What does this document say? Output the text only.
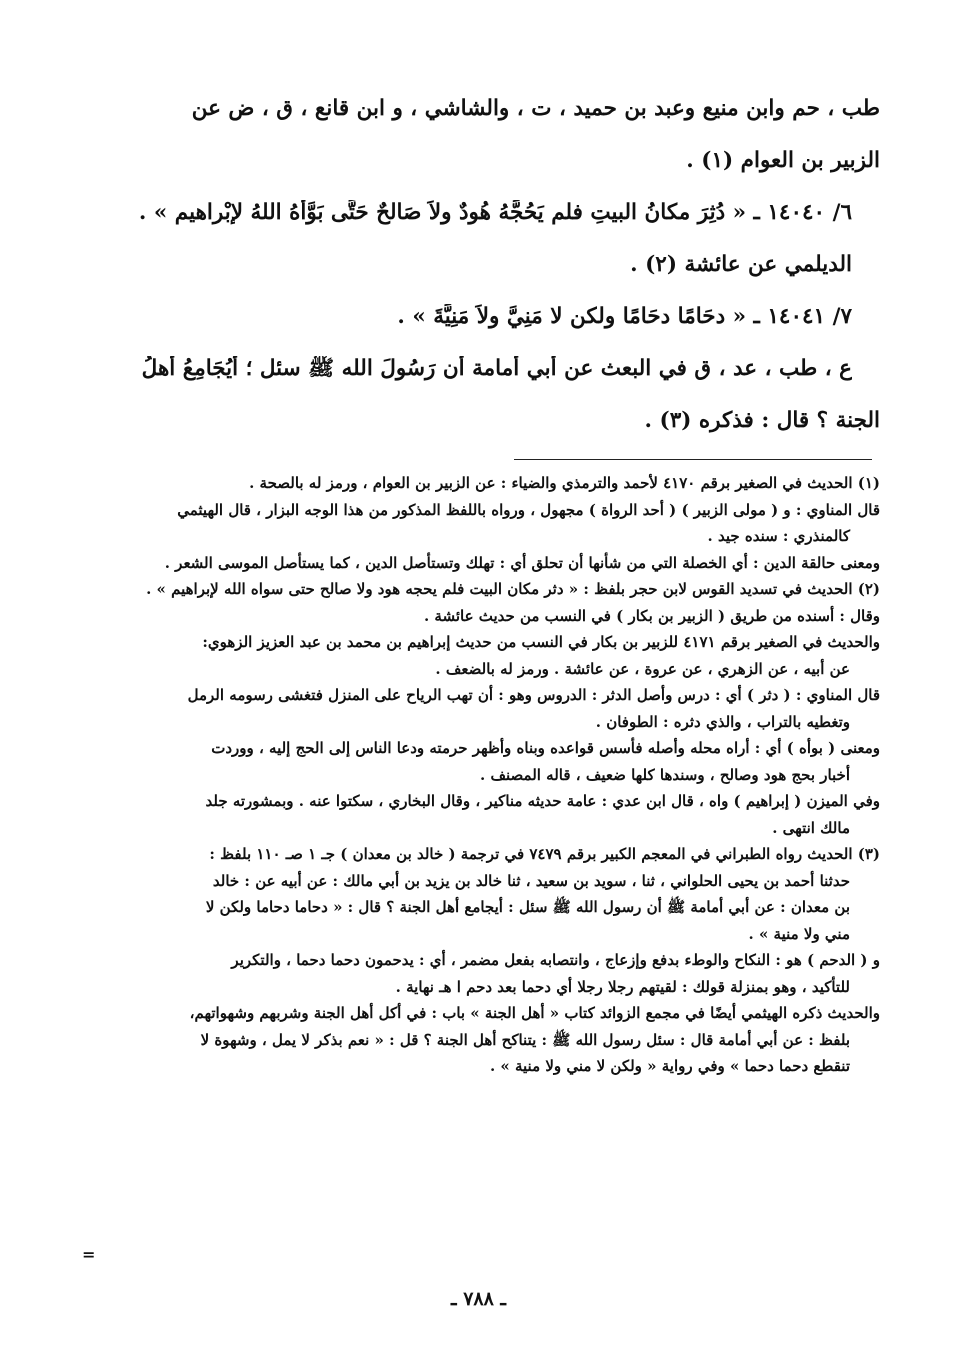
طب ، حم وابن منيع وعبد بن حميد ، ت ، والشاشي ، و ابن قانع ، ق ، ض عن
الزبير بن العوام (١) .
٦/ ١٤٠٤٠ ـ « دُثِرَ مكانُ البيتِ فلم يَحُجَّهُ هُودٌ ولاَ صَالحٌ حَتَّى بَوَّأَهُ اللهُ لإبْراهيم » .
الديلمي عن عائشة (٢) .
٧/ ١٤٠٤١ ـ « دحَامًا دحَامًا ولكن لا مَنِيَّ ولاَ مَنِيَّةَ » .
ع ، طب ، عد ، ق في البعث عن أبي أُمامة أَن رَسُولَ الله ﷺ سئل ؛ أَيُجَامِعُ أَهلُ
الجنة ؟ قال : فذكره (٣) .
(١) الحديث في الصغير برقم ٤١٧٠ لأحمد والترمذي والضياء : عن الزبير بن العوام ، ورمز له بالصحة .
قال المناوي : و ( مولى الزبير ) ( أحد الرواة ) مجهول ، ورواه باللفظ المذكور من هذا الوجه البزار ، قال الهيثمي
كالمنذري : سنده جيد .
ومعنى حالقة الدين : أي الخصلة التي من شأنها أن تحلق أي : تهلك وتستأصل الدين ، كما يستأصل الموسى الشعر .
(٢) الحديث في تسديد القوس لابن حجر بلفظ : « دثر مكان البيت فلم يحجه هود ولا صالح حتى سواه الله لإبراهيم » .
وقال : أسنده من طريق ( الزبير بن بكار ) في النسب من حديث عائشة .
والحديث في الصغير برقم ٤١٧١ للزبير بن بكار في النسب من حديث إبراهيم بن محمد بن عبد العزيز الزهوي:
عن أبيه ، عن الزهري ، عن عروة ، عن عائشة . ورمز له بالضعف .
قال المناوي : ( دثر ) أي : درس وأصل الدثر : الدروس وهو : أن تهب الرياح على المنزل فتغشى رسومه الرمل
وتغطيه بالتراب ، والذي دثره : الطوفان .
ومعنى ( بوأه ) أي : أراه محله وأصله فأسس قواعده وبناه وأظهر حرمته ودعا الناس إلى الحج إليه ، ووردت
أخبار بحج هود وصالح ، وسندها كلها ضعيف ، قاله المصنف .
وفي الميزن ( إبراهيم ) واه ، قال ابن عدي : عامة حديثه مناكير ، وقال البخاري ، سكتوا عنه . وبمشورته جلد
مالك انتهى .
(٣) الحديث رواه الطبراني في المعجم الكبير برقم ٧٤٧٩ في ترجمة ( خالد بن معدان ) جـ ١ صـ ١١٠ بلفظ :
حدثنا أحمد بن يحيى الحلواني ، ثنا ، سويد بن سعيد ، ثنا خالد بن يزيد بن أبي مالك : عن أبيه عن : خالد
بن معدان : عن أبي أمامة ﷺ أن رسول الله ﷺ سئل : أيجامع أهل الجنة ؟ قال : « دحاما دحاما ولكن لا
مني ولا منية » .
و ( الدحم ) هو : النكاح والوطء بدفع وإزعاج ، وانتصابه بفعل مضمر ، أي : يدحمون دحما دحما ، والتكرير
للتأكيد ، وهو بمنزلة قولك : لقيتهم رجلا رجلا أي دحما بعد دحم ا هـ نهاية .
والحديث ذكره الهيثمي أيضًا في مجمع الزوائد كتاب « أهل الجنة » باب : في أكل أهل الجنة وشربهم وشهواتهم،
بلفظ : عن أبي أمامة قال : سئل رسول الله ﷺ : يتناكح أهل الجنة ؟ قل : « نعم بذكر لا يمل ، وشهوة لا
تنقطع دحما دحما » وفي رواية « ولكن لا مني ولا منية » .
=
ـ ٧٨٨ ـ
